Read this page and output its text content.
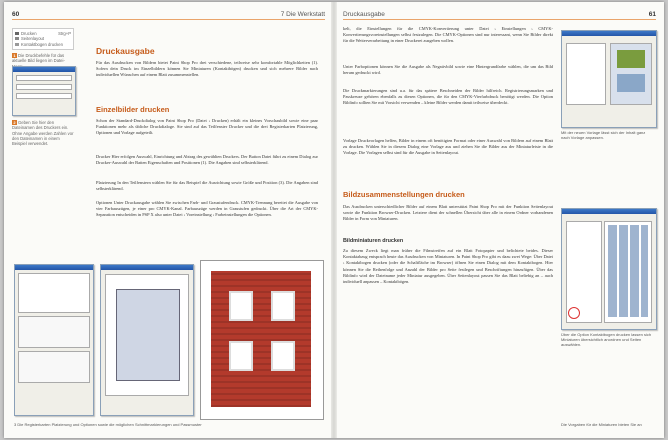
60	7 Die Werkstatt
Drucken	Strg+P
Seitenlayout
Kontaktbogen drucken
1 Die Druckbefehle für das aktuelle Bild liegen im Datei-
2 Geben Sie hier den Dateinamen des Druckers ein. Ohne Angabe werden Zahlen vor den Dateinamen in einem Beispiel verwendet.
Druckausgabe
Für das Ausdrucken von Bildern bietet Paint Shop Pro drei verschiedene, teilweise sehr komfortable Möglichkeiten (1). Sofern dein Druck im Einzelbildern können Sie Miniaturen (Kontaktbögen) drucken und sich mehrere Bilder nach individuellen Wünschen auf einem Blatt zusammenstellen.
Einzelbilder drucken
Schon der Standard-Druckdialog von Paint Shop Pro (Datei › Drucken) erhält ein kleines Vorschaubild sowie eine paar Funktionen mehr als übliche Druckdialoge. Sie sind auf das Teilfenster Drucker und die drei Registerkarten Platzierung, Optionen und Vorlage aufgeteilt.
Drucker Hier erfolgen Auswahl, Einrichtung und Abtrag des gewählten Druckers. Der Button Datei führt zu einem Dialog zur Drucker-Auswahl der Batten Eigenschaften und Positionen (1). Die Angaben sind selbsterklärend.
Platzierung In den Teilfenstern wählen Sie für das Beispiel die Ausrichtung sowie Größe und Position (3). Die Angaben sind selbsterklärend.
Optionen Unter Druckausgabe wählen Sie zwischen Farb- und Graustufendruck. CMYK-Trennung bereitet die Ausgabe von vier Farbauszügen, je einer pro CMYK-Kanal. Farbauszüge werden in Graustufen gedruckt. Über die Art der CMYK-Separation entscheiden in PSP X also unter Datei › Voreinstellung › Farbeinstellungen die Optionen.
3 Die Registerkarten Platzierung und Optionen sowie die möglichen Schnittmarkierungen und Passmuster
Druckausgabe	61
kelt, die Einstellungen für die CMYK-Konvertierung unter Datei › Einstellungen › CMYK-Konvertierungsvoreinstellungen selbst festzulegen. Die CMYK-Optionen sind nur interessant, wenn Sie Bilder direkt für die Weiterverarbeitung in einer Druckerei ausgeben wollen.
Unter Farboptionen können Sie die Ausgabe als Negativbild sowie eine Hintergrundfarbe wählen, die um das Bild herum gedruckt wird.
Die Druckmarkierungen sind u.a. für das spätere Beschneiden der Bilder hilfreich. Registrierungsmarken und Passkreuze gehören ebenfalls zu diesen Optionen, die für den CMYK-Vierfarbdruck benötigt werden. Die Option Bildinfo sollten Sie mit Vorsicht verwenden – kleine Bilder werden damit teilweise überdeckt.
Vorlage Druckvorlagen helfen, Bilder in einem oft benötigten Format oder einer Auswahl von Bildern auf einem Blatt zu drucken. Wählen Sie in diesem Dialog eine Vorlage aus und ziehen Sie die Bilder aus der Miniaturleiste in die Vorlage. Die Vorlagen selbst sind für die Ausgabe in Seitenlayout.
Bildzusammenstellungen drucken
Das Ausdrucken unterschiedlicher Bilder auf einem Blatt unterstützt Paint Shop Pro mit der Funktion Seitenlayout sowie die Funktion Browser-Drucken. Letztere dient der schnellen Übersicht über alle in einem Ordner vorhandenen Bilder in Form von Miniaturen.
Bildminiaturen drucken
Zu diesem Zweck liegt man früher die Filmstreifen auf ein Blatt Fotopapier und belichtete beides. Dieser Kontaktabzug entsprach heute das Ausdrucken von Miniaturen. In Paint Shop Pro gibt es dazu zwei Wege: Über Datei › Kontaktbogen drucken (oder die Schaltfläche im Browser) öffnen Sie einen Dialog mit dem Kontaktbogen. Hier können Sie die Reihenfolge und Anzahl der Bilder pro Seite festlegen und Beschriftungen hinzufügen. Über das Bildinfo wird der Dateiname jeder Miniatur ausgegeben. Über Seitenlayout passen Sie das Blatt beliebig an – auch individuell anpassen – Kontaktbögen.
Mit der neuen Vorlage lässt sich der Inhalt ganz nach Vorlage anpassen.
Über die Option Kontaktbogen drucken lassen sich Miniaturen übersichtlich anordnen und Seiten auswählen.
Die Vorgaben für die Miniaturen bieten Sie an
